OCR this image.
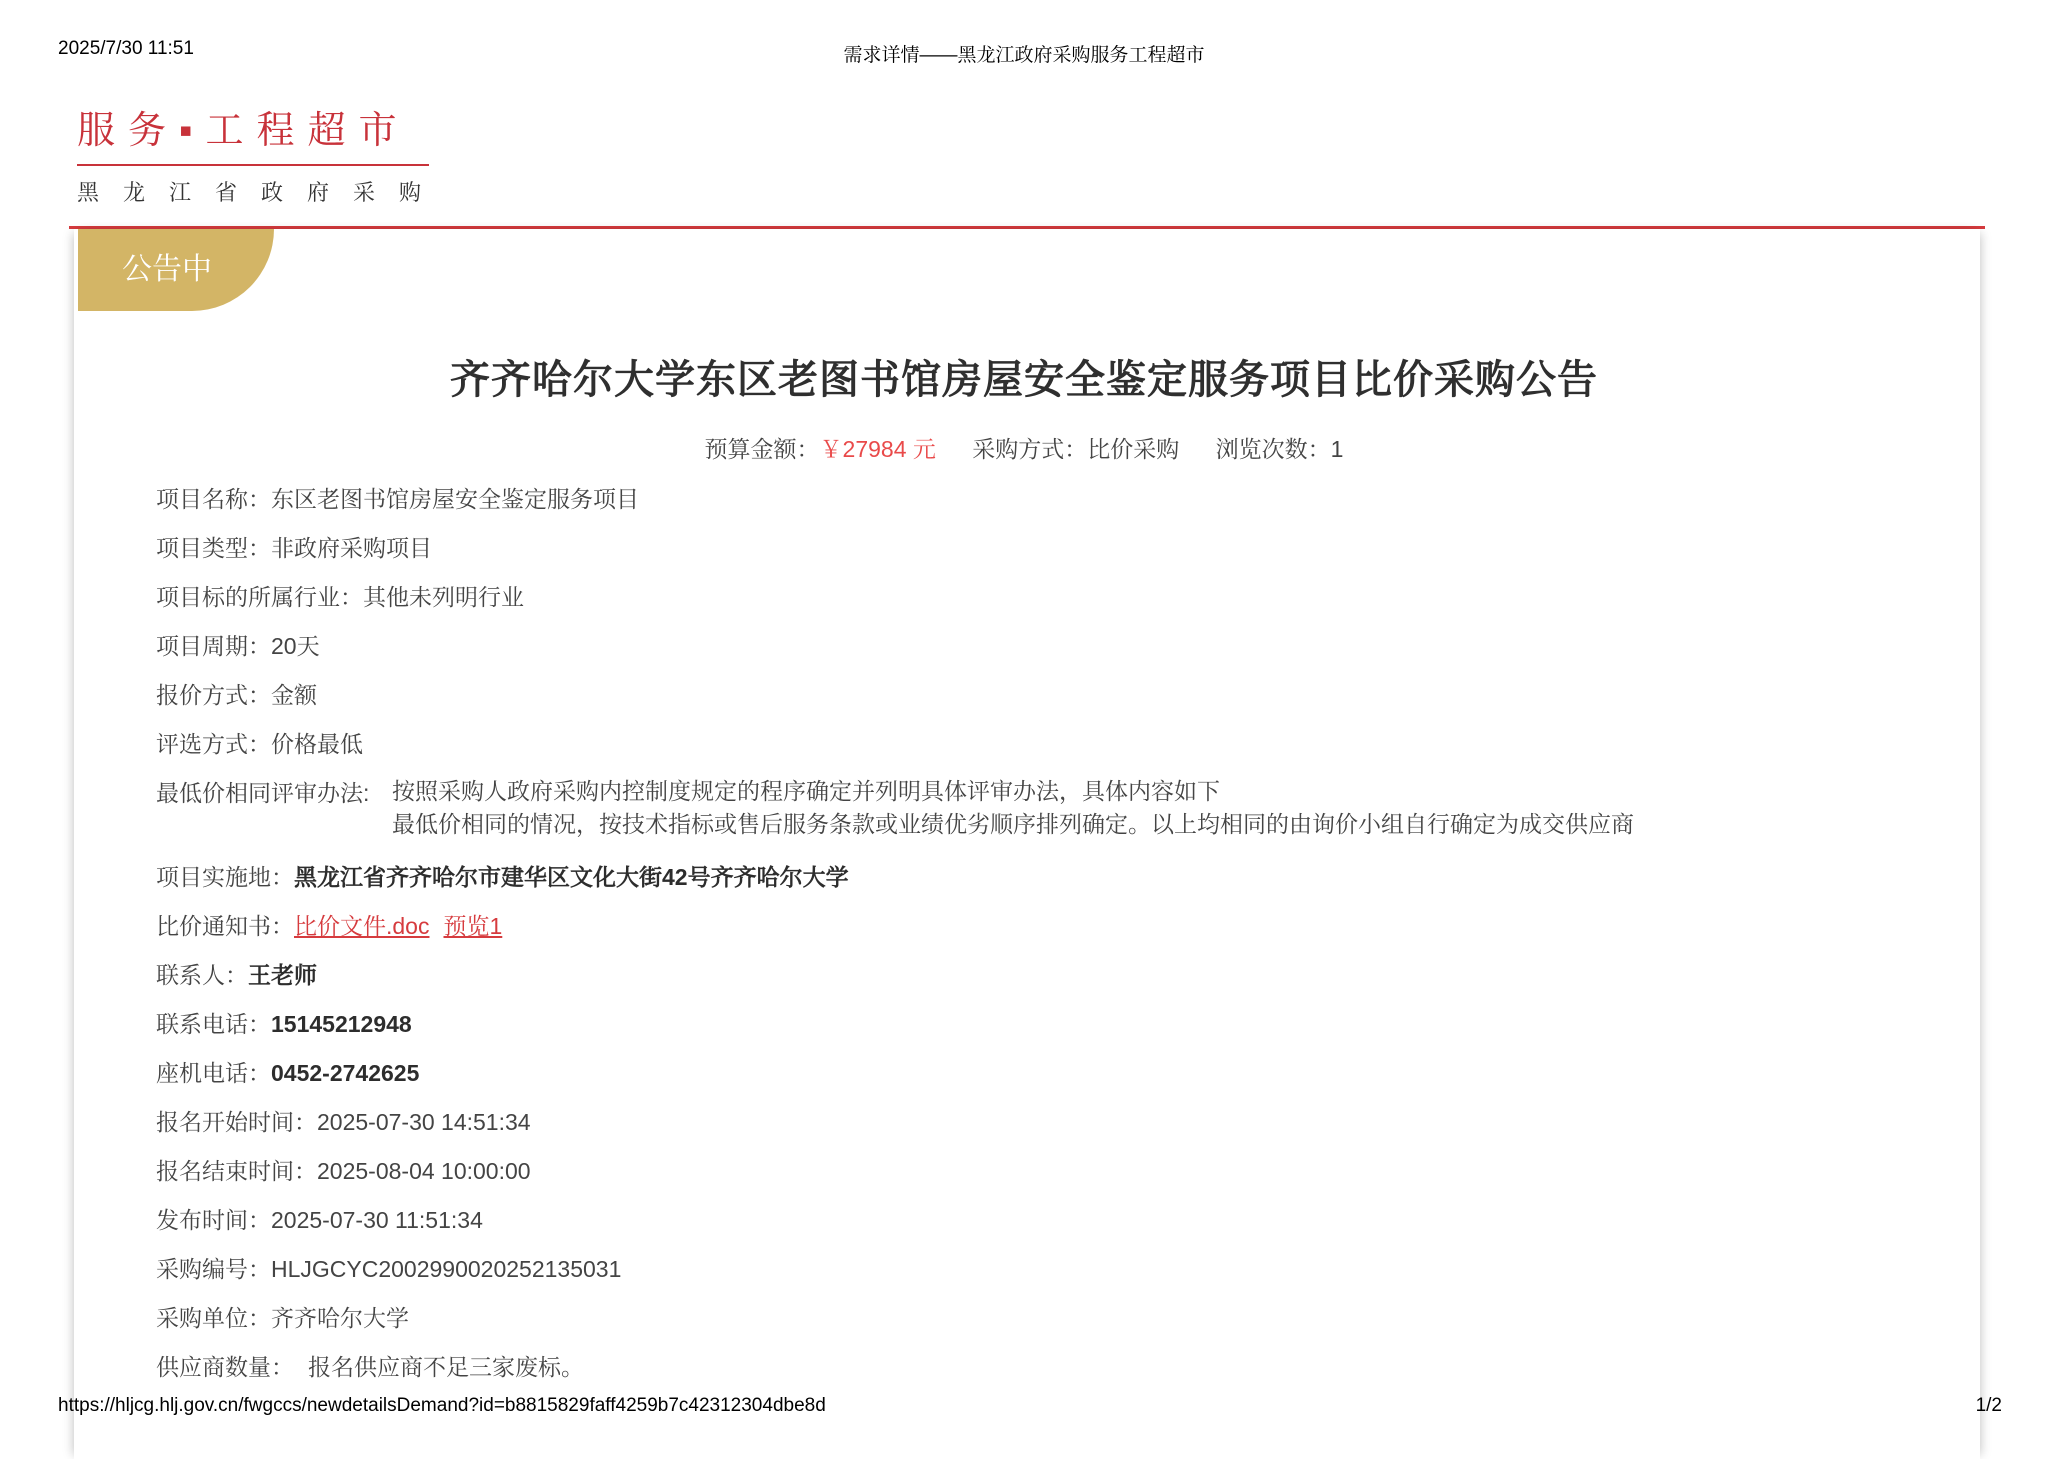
2025/7/30 11:51	需求详情——黑龙江政府采购服务工程超市
服务▪工程超市
黑龙江省政府采购
公告中
齐齐哈尔大学东区老图书馆房屋安全鉴定服务项目比价采购公告
预算金额：￥27984 元 采购方式：比价采购 浏览次数：1
项目名称：东区老图书馆房屋安全鉴定服务项目
项目类型：非政府采购项目
项目标的所属行业：其他未列明行业
项目周期：20天
报价方式：金额
评选方式：价格最低
最低价相同评审办法: 按照采购人政府采购内控制度规定的程序确定并列明具体评审办法，具体内容如下
最低价相同的情况，按技术指标或售后服务条款或业绩优劣顺序排列确定。以上均相同的由询价小组自行确定为成交供应商
项目实施地：黑龙江省齐齐哈尔市建华区文化大街42号齐齐哈尔大学
比价通知书：比价文件.doc 预览1
联系人：王老师
联系电话：15145212948
座机电话：0452-2742625
报名开始时间：2025-07-30 14:51:34
报名结束时间：2025-08-04 10:00:00
发布时间：2025-07-30 11:51:34
采购编号：HLJGCYC2002990020252135031
采购单位：齐齐哈尔大学
供应商数量： 报名供应商不足三家废标。
https://hljcg.hlj.gov.cn/fwgccs/newdetailsDemand?id=b8815829faff4259b7c42312304dbe8d	1/2
